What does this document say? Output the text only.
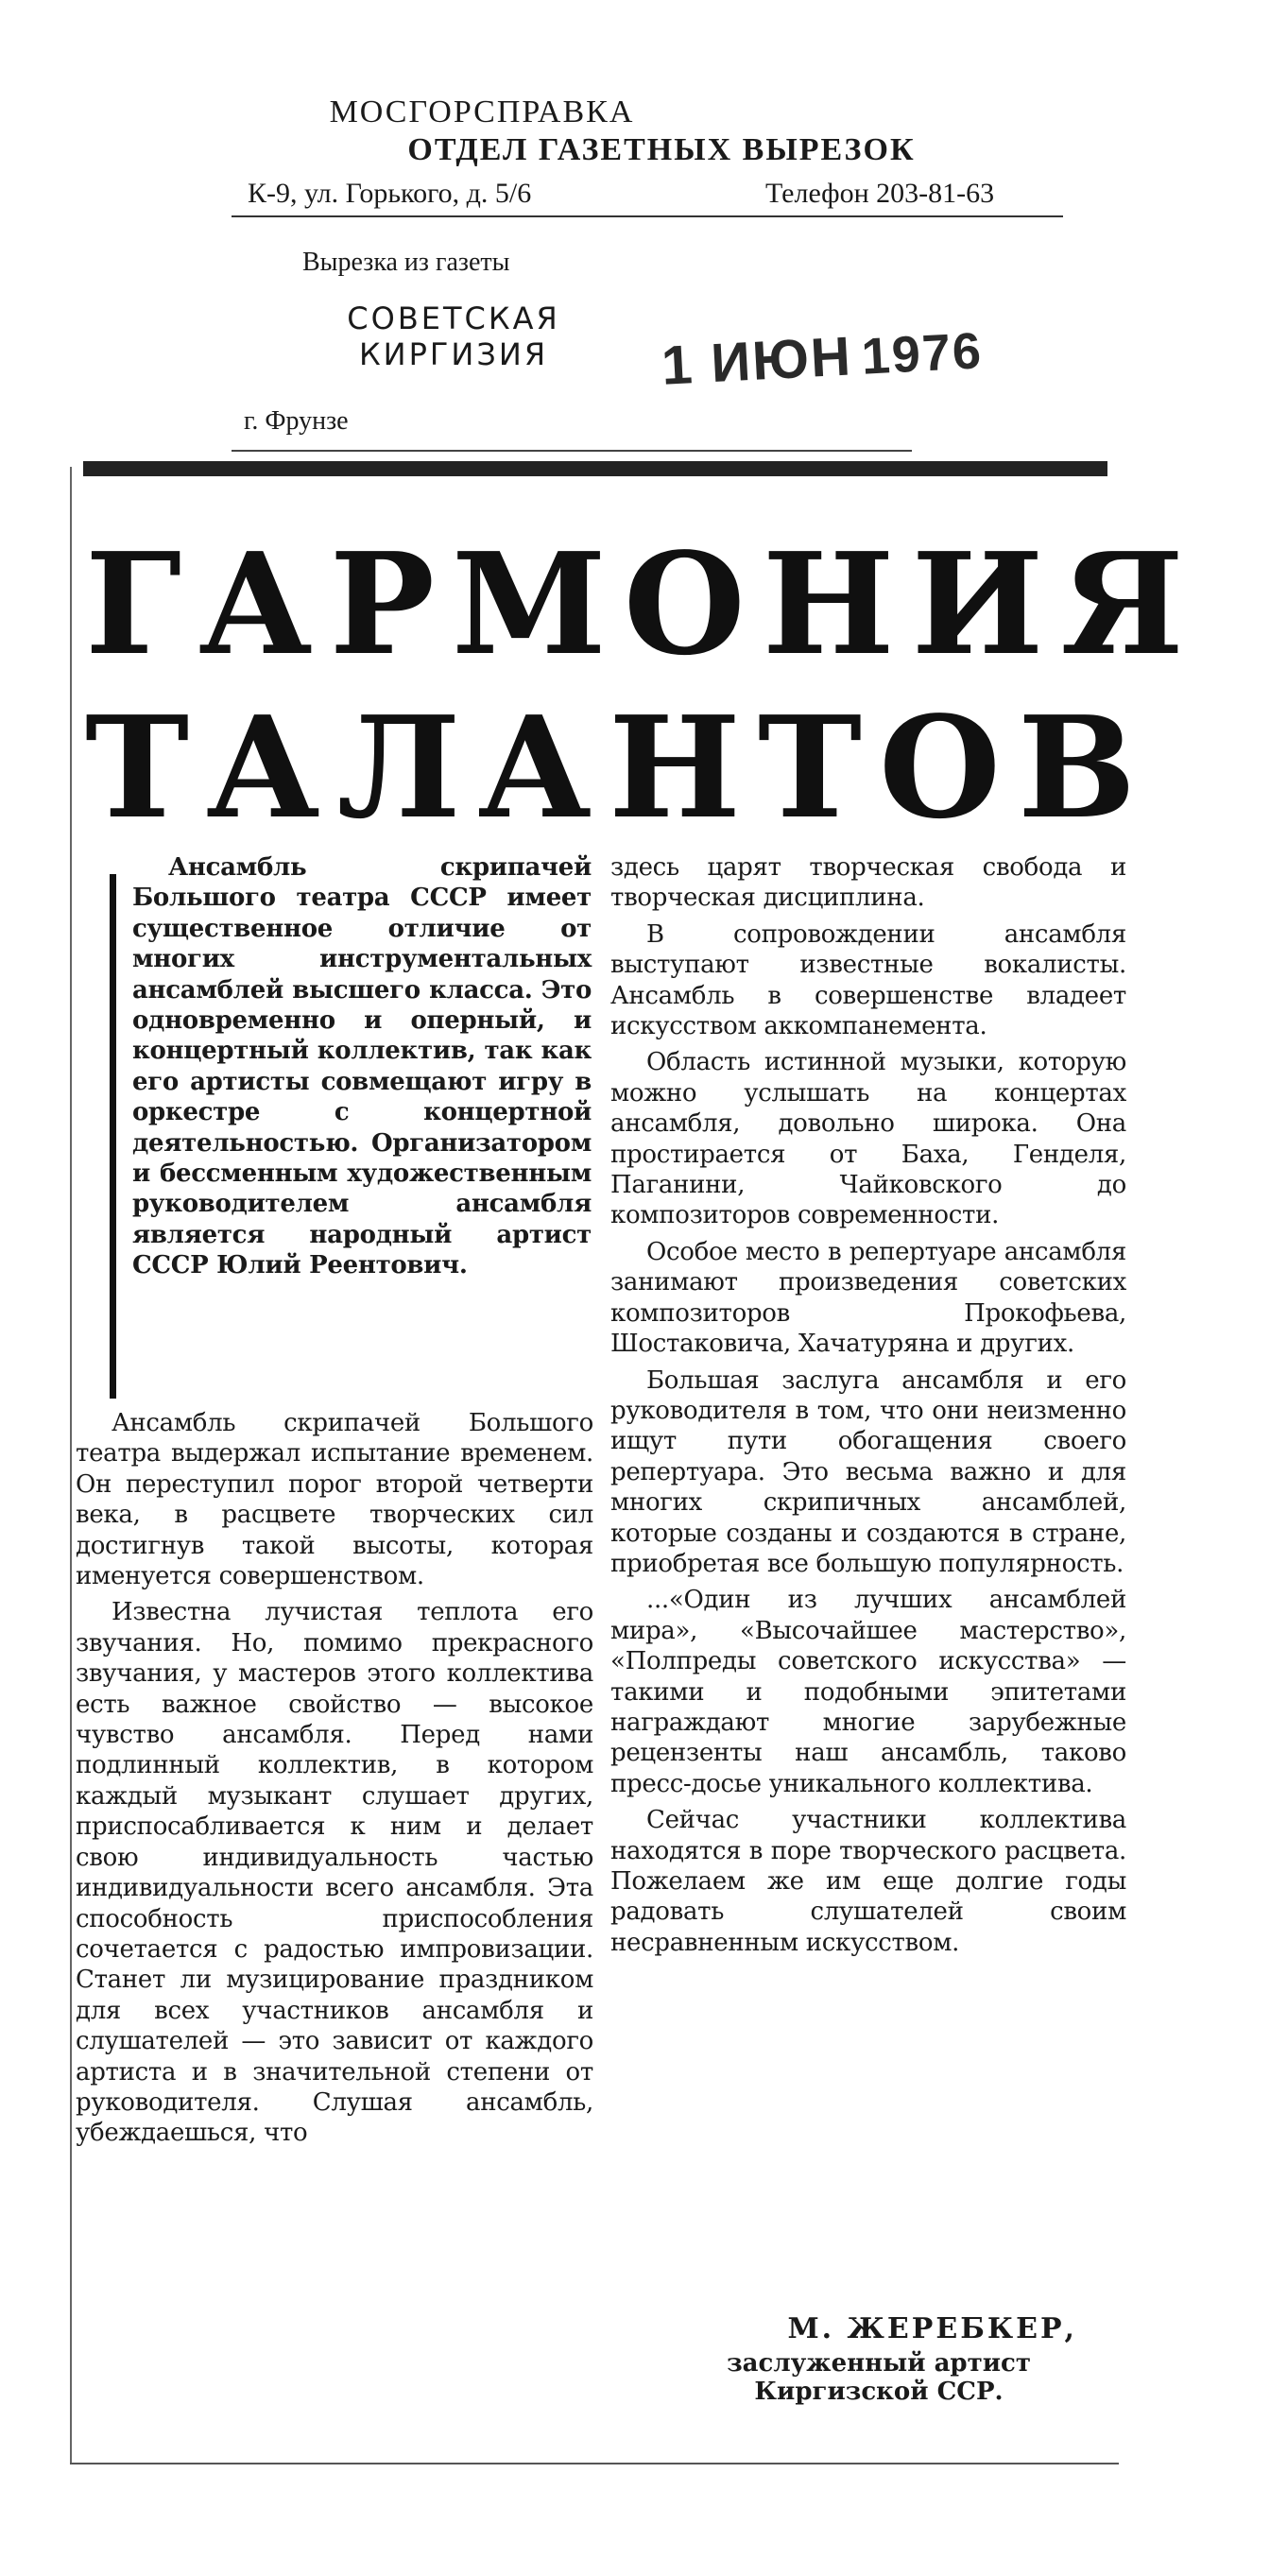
МОСГОРСПРАВКА
ОТДЕЛ ГАЗЕТНЫХ ВЫРЕЗОК
К-9, ул. Горького, д. 5/6	Телефон 203-81-63
Вырезка из газеты
СОВЕТСКАЯ КИРГИЗИЯ	1 ИЮН 1976
г. Фрунзе
ГАРМОНИЯ
ТАЛАНТОВ

Ансамбль скрипачей Большого театра СССР имеет существенное отличие от многих инструментальных ансамблей высшего класса. Это одновременно и оперный, и концертный коллектив, так как его артисты совмещают игру в оркестре с концертной деятельностью. Организатором и бессменным художественным руководителем ансамбля является народный артист СССР Юлий Реентович.

Ансамбль скрипачей Большого театра выдержал испытание временем. Он переступил порог второй четверти века, в расцвете творческих сил достигнув такой высоты, которая именуется совершенством.

Известна лучистая теплота его звучания. Но, помимо прекрасного звучания, у мастеров этого коллектива есть важное свойство — высокое чувство ансамбля. Перед нами подлинный коллектив, в котором каждый музыкант слушает других, приспосабливается к ним и делает свою индивидуальность частью индивидуальности всего ансамбля. Эта способность приспособления сочетается с радостью импровизации. Станет ли музицирование праздником для всех участников ансамбля и слушателей — это зависит от каждого артиста и в значительной степени от руководителя. Слушая ансамбль, убеждаешься, что

здесь царят творческая свобода и творческая дисциплина.

В сопровождении ансамбля выступают известные вокалисты. Ансамбль в совершенстве владеет искусством аккомпанемента.

Область истинной музыки, которую можно услышать на концертах ансамбля, довольно широка. Она простирается от Баха, Генделя, Паганини, Чайковского до композиторов современности.

Особое место в репертуаре ансамбля занимают произведения советских композиторов Прокофьева, Шостаковича, Хачатуряна и других.

Большая заслуга ансамбля и его руководителя в том, что они неизменно ищут пути обогащения своего репертуара. Это весьма важно и для многих скрипичных ансамблей, которые созданы и создаются в стране, приобретая все большую популярность.

...«Один из лучших ансамблей мира», «Высочайшее мастерство», «Полпреды советского искусства» — такими и подобными эпитетами награждают многие зарубежные рецензенты наш ансамбль, таково пресс-досье уникального коллектива.

Сейчас участники коллектива находятся в поре творческого расцвета. Пожелаем же им еще долгие годы радовать слушателей своим несравненным искусством.

М. ЖЕРЕБКЕР,
заслуженный артист
Киргизской ССР.
